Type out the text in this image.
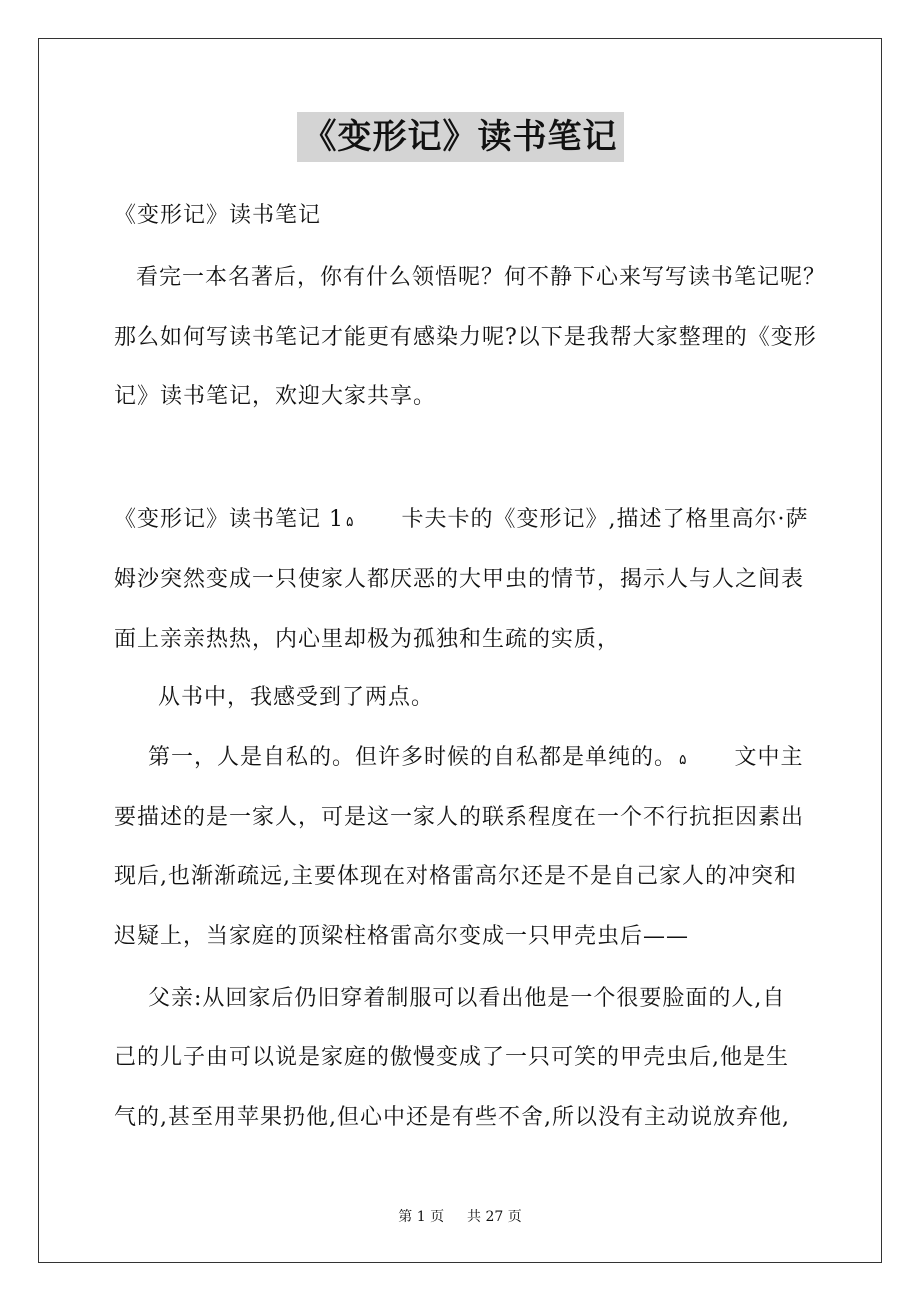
《变形记》读书笔记
《变形记》读书笔记
看完一本名著后，你有什么领悟呢？何不静下心来写写读书笔记呢？
那么如何写读书笔记才能更有感染力呢?以下是我帮大家整理的《变形
记》读书笔记，欢迎大家共享。
《变形记》读书笔记 1 ۵ 卡夫卡的《变形记》,描述了格里高尔·萨
姆沙突然变成一只使家人都厌恶的大甲虫的情节，揭示人与人之间表
面上亲亲热热，内心里却极为孤独和生疏的实质，
从书中，我感受到了两点。
第一，人是自私的。但许多时候的自私都是单纯的。 ۵ 文中主
要描述的是一家人，可是这一家人的联系程度在一个不行抗拒因素出
现后,也渐渐疏远,主要体现在对格雷高尔还是不是自己家人的冲突和
迟疑上，当家庭的顶梁柱格雷高尔变成一只甲壳虫后——
父亲:从回家后仍旧穿着制服可以看出他是一个很要脸面的人,自
己的儿子由可以说是家庭的傲慢变成了一只可笑的甲壳虫后,他是生
气的,甚至用苹果扔他,但心中还是有些不舍,所以没有主动说放弃他,
第 1 页 共 27 页
